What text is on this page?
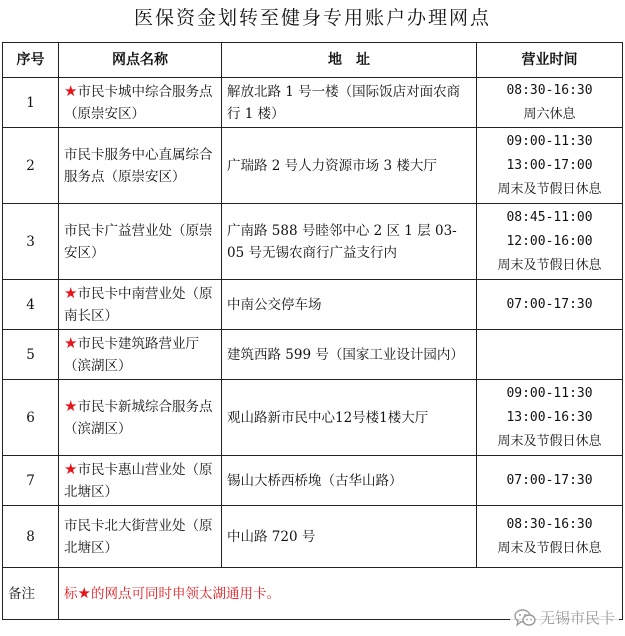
医保资金划转至健身专用账户办理网点
序号	网点名称	地　址	营业时间
1	★市民卡城中综合服务点（原崇安区）	解放北路 1 号一楼（国际饭店对面农商行 1 楼）	08:30-16:30
周六休息

2	市民卡服务中心直属综合服务点（原崇安区）	广瑞路 2 号人力资源市场 3 楼大厅	09:00-11:30
13:00-17:00
周末及节假日休息

3	市民卡广益营业处（原崇安区）	广南路 588 号睦邻中心 2 区 1 层 03-05 号无锡农商行广益支行内	08:45-11:00
12:00-16:00
周末及节假日休息

4	★市民卡中南营业处（原南长区）	中南公交停车场	07:00-17:30

5	★市民卡建筑路营业厅（滨湖区）	建筑西路 599 号（国家工业设计园内）	
6	★市民卡新城综合服务点（滨湖区）	观山路新市民中心12号楼1楼大厅	09:00-11:30
13:00-16:30
周末及节假日休息

7	★市民卡惠山营业处（原北塘区）	锡山大桥西桥堍（古华山路）	07:00-17:30

8	市民卡北大街营业处（原北塘区）	中山路 720 号	08:30-16:30
周末及节假日休息

备注	标★的网点可同时申领太湖通用卡。		
无锡市民卡
